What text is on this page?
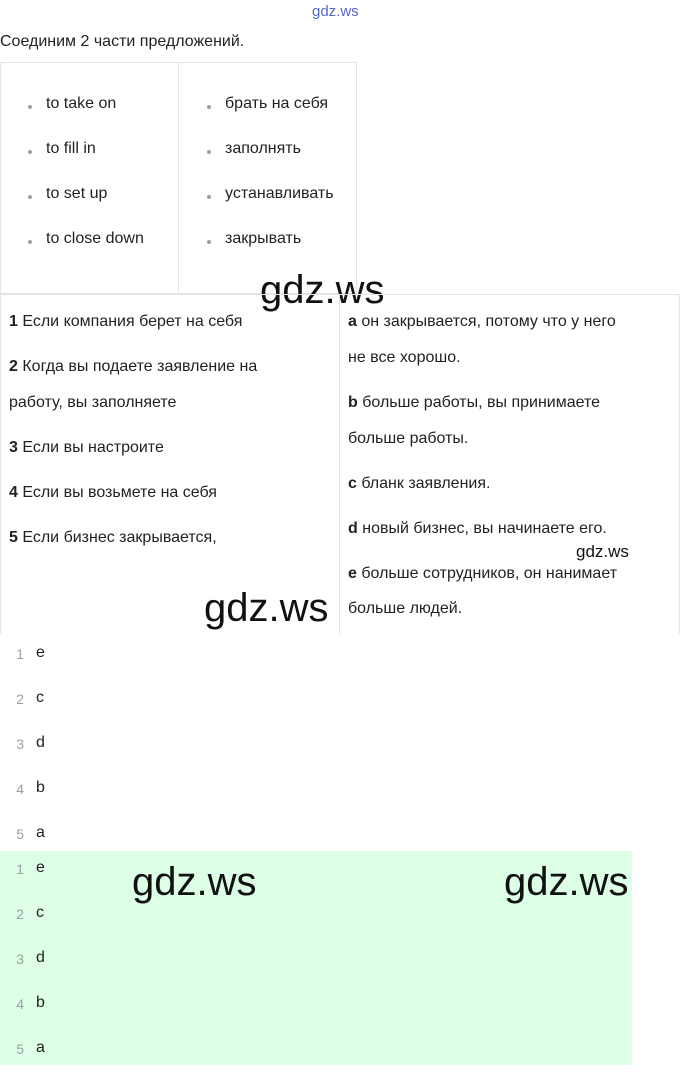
gdz.ws
Соединим 2 части предложений.
to take on
to fill in
to set up
to close down
брать на себя
заполнять
устанавливать
закрывать
gdz.ws
1 Если компания берет на себя
2 Когда вы подаете заявление на
работу, вы заполняете
3 Если вы настроите
4 Если вы возьмете на себя
5 Если бизнес закрывается,
a он закрывается, потому что у него
не все хорошо.
b больше работы, вы принимаете
больше работы.
c бланк заявления.
d новый бизнес, вы начинаете его.
e больше сотрудников, он нанимает
больше людей.
gdz.ws
gdz.ws
1 e
2 c
3 d
4 b
5 a
1 e
2 c
3 d
4 b
5 a
gdz.ws	gdz.ws
